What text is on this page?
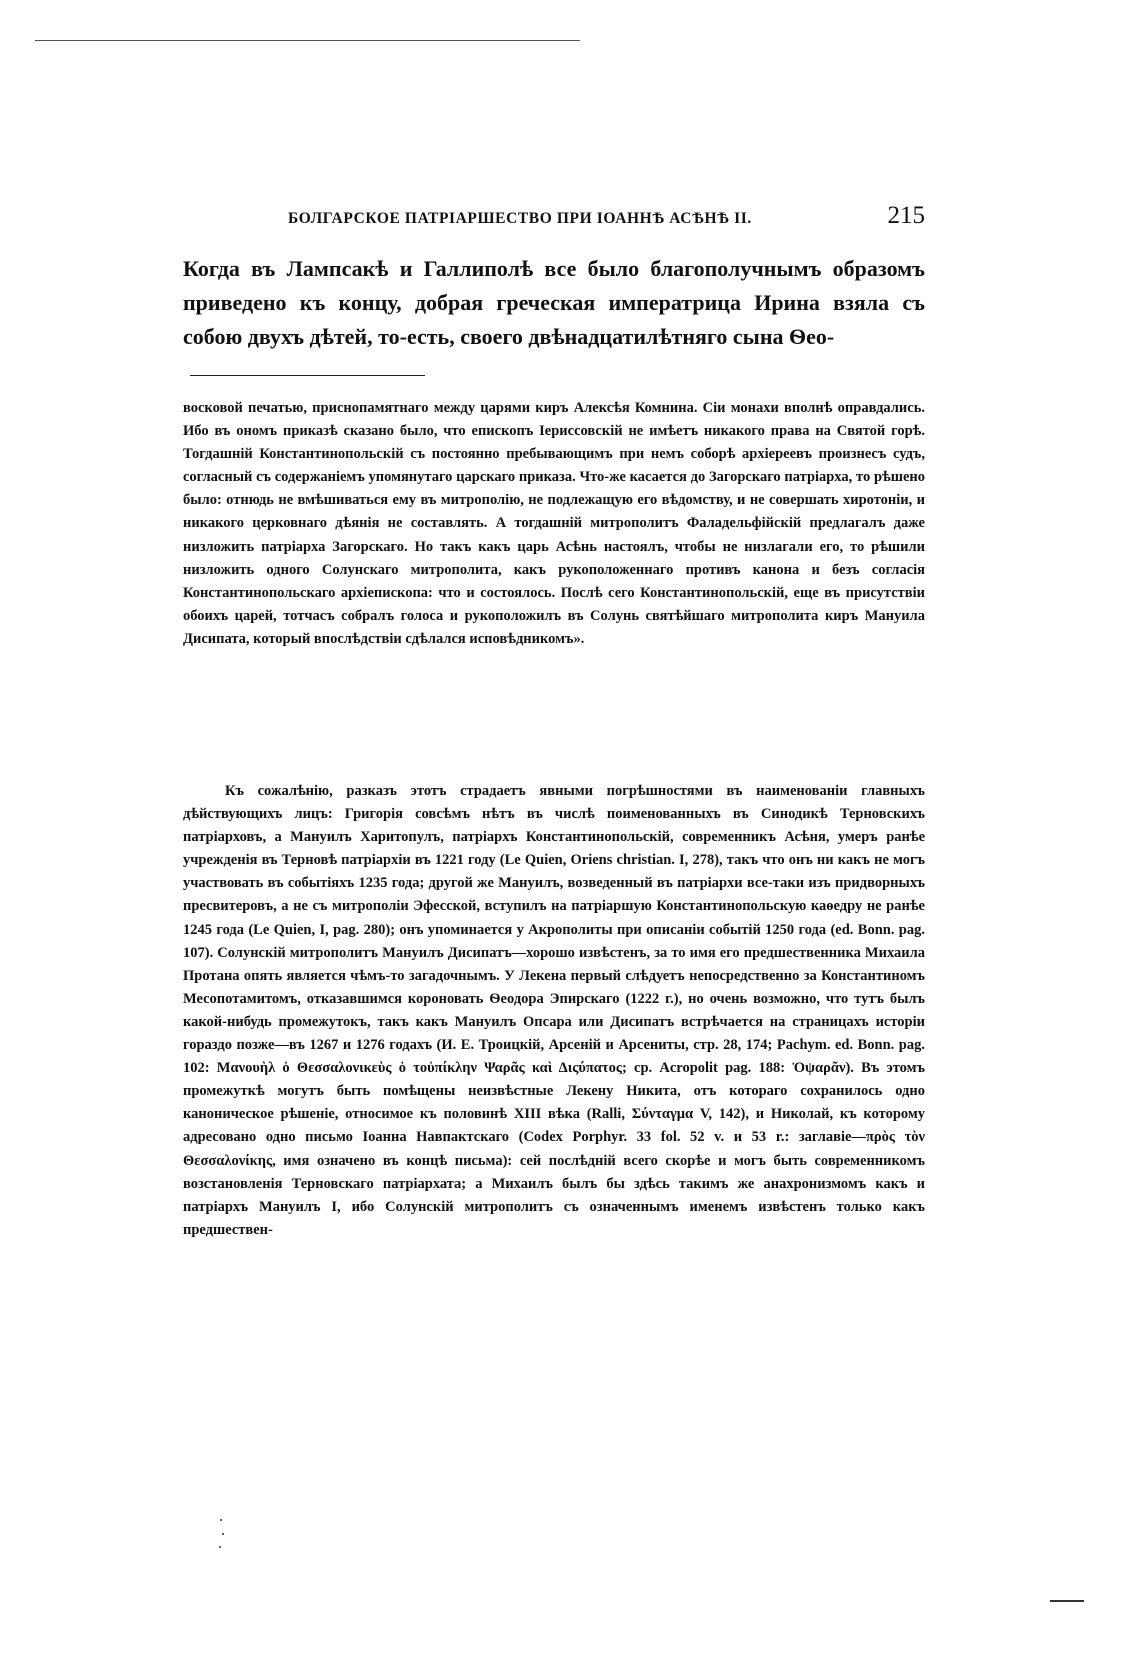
БОЛГАРСКОЕ ПАТРІАРШЕСТВО ПРИ ІОАННѢ АСѢНѢ II.	215

Когда въ Лампсакѣ и Галлиполѣ все было благополучнымъ образомъ приведено къ концу, добрая греческая императрица Ирина взяла съ собою двухъ дѣтей, то-есть, своего двѣнадцатилѣтняго сына Ѳео-

восковой печатью, приснопамятнаго между царями киръ Алексѣя Комнина. Сіи монахи вполнѣ оправдались. Ибо въ ономъ приказѣ сказано было, что епископъ Іериссовскій не имѣетъ никакого права на Святой горѣ. Тогдашній Константинопольскій съ постоянно пребывающимъ при немъ соборѣ архіереевъ произнесъ судъ, согласный съ содержаніемъ упомянутаго царскаго приказа. Что-же касается до Загорскаго патріарха, то рѣшено было: отнюдь не вмѣшиваться ему въ митрополію, не подлежащую его вѣдомству, и не совершать хиротоніи, и никакого церковнаго дѣянія не составлять. А тогдашній митрополитъ Фаладельфійскій предлагалъ даже низложить патріарха Загорскаго. Но такъ какъ царь Асѣнь настоялъ, чтобы не низлагали его, то рѣшили низложить одного Солунскаго митрополита, какъ рукоположеннаго противъ канона и безъ согласія Константинопольскаго архіепископа: что и состоялось. Послѣ сего Константинопольскій, еще въ присутствіи обоихъ царей, тотчасъ собралъ голоса и рукоположилъ въ Солунь святѣйшаго митрополита киръ Мануила Дисипата, который впослѣдствіи сдѣлался исповѣдникомъ».

Къ сожалѣнію, разказъ этотъ страдаетъ явными погрѣшностями въ наименованіи главныхъ дѣйствующихъ лицъ: Григорія совсѣмъ нѣтъ въ числѣ поименованныхъ въ Синодикѣ Терновскихъ патріарховъ, а Мануилъ Харитопулъ, патріархъ Константинопольскій, современникъ Асѣня, умеръ ранѣе учрежденія въ Терновѣ патріархіи въ 1221 году (Le Quien, Oriens christian. I, 278), такъ что онъ ни какъ не могъ участвовать въ событіяхъ 1235 года; другой же Мануилъ, возведенный въ патріархи все-таки изъ придворныхъ пресвитеровъ, а не съ митрополіи Эфесской, вступилъ на патріаршую Константинопольскую каѳедру не ранѣе 1245 года (Le Quien, I, pag. 280); онъ упоминается у Акрополиты при описаніи событій 1250 года (ed. Bonn. pag. 107). Солунскій митрополитъ Мануилъ Дисипатъ—хорошо извѣстенъ, за то имя его предшественника Михаила Протана опять является чѣмъ-то загадочнымъ. У Лекена первый слѣдуетъ непосредственно за Константиномъ Месопотамитомъ, отказавшимся короновать Ѳеодора Эпирскаго (1222 г.), но очень возможно, что тутъ былъ какой-нибудь промежутокъ, такъ какъ Мануилъ Опсара или Дисипатъ встрѣчается на страницахъ исторіи гораздо позже—въ 1267 и 1276 годахъ (И. Е. Троицкій, Арсеній и Арсениты, стр. 28, 174; Pachym. ed. Bonn. pag. 102: Μανουὴλ ὁ Θεσσαλονικεὺς ὁ τοὐπίκλην Ψαρᾶς καὶ Διςύπατος; ср. Acropolit pag. 188: Ὀψαρᾶν). Въ этомъ промежуткѣ могутъ быть помѣщены неизвѣстные Лекену Никита, отъ котораго сохранилось одно каноническое рѣшеніе, относимое къ половинѣ XIII вѣка (Ralli, Σύνταγμα V, 142), и Николай, къ которому адресовано одно письмо Іоанна Навпактскаго (Codex Porphyr. 33 fol. 52 v. и 53 r.: заглавіе—πρὸς τὸν Θεσσαλονίκης, имя означено въ концѣ письма): сей послѣдній всего скорѣе и могъ быть современникомъ возстановленія Терновскаго патріархата; а Михаилъ былъ бы здѣсь такимъ же анахронизмомъ какъ и патріархъ Мануилъ I, ибо Солунскій митрополитъ съ означеннымъ именемъ извѣстенъ только какъ предшествен-
